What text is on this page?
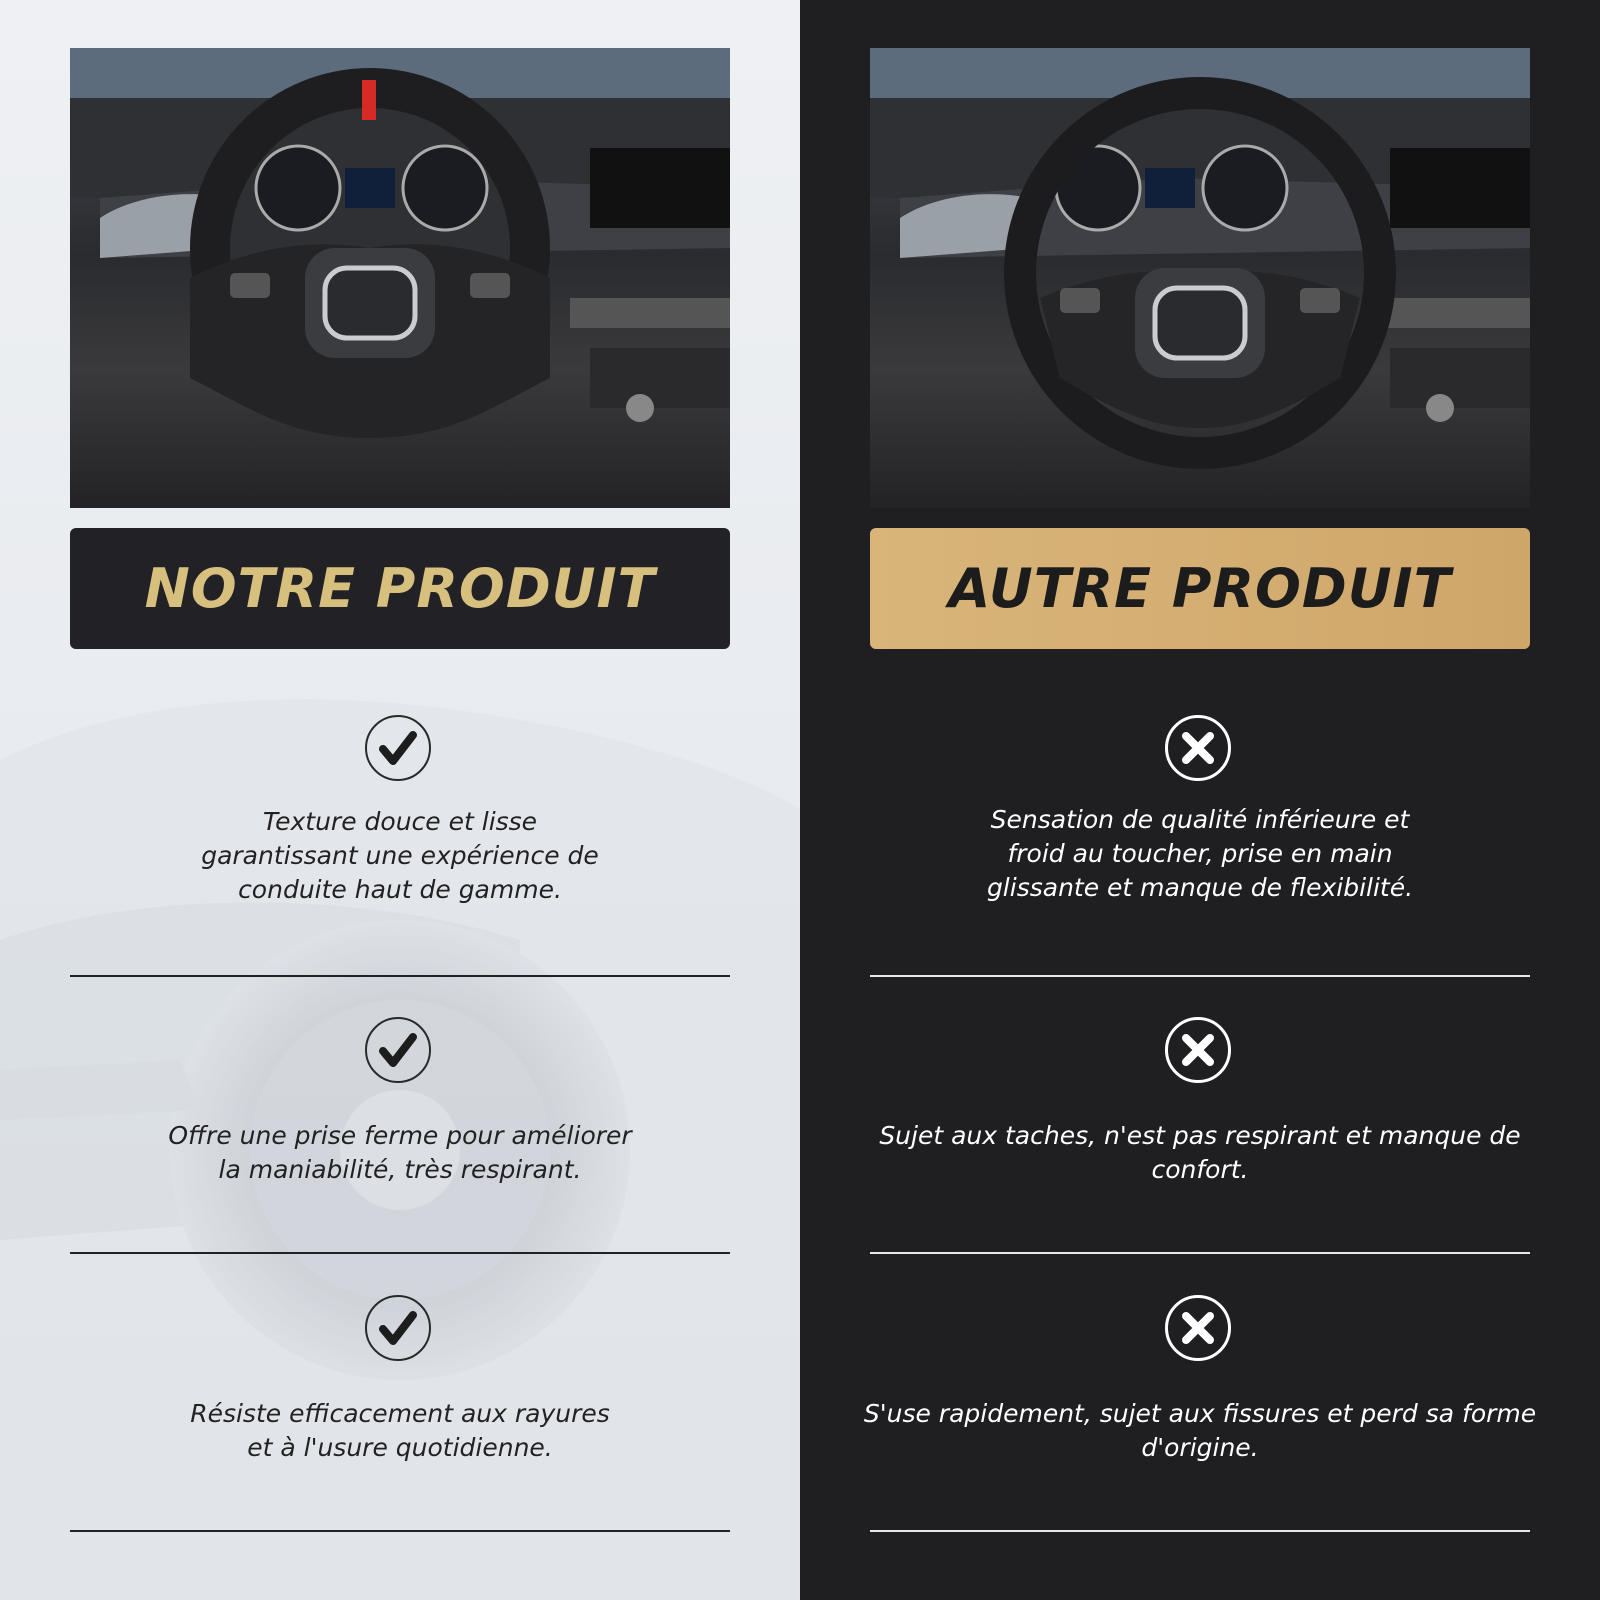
NOTRE PRODUIT
Texture douce et lisse
garantissant une expérience de
conduite haut de gamme.
Offre une prise ferme pour améliorer
la maniabilité, très respirant.
Résiste efficacement aux rayures
et à l'usure quotidienne.
AUTRE PRODUIT
Sensation de qualité inférieure et
froid au toucher, prise en main
glissante et manque de flexibilité.
Sujet aux taches, n'est pas respirant et manque de
confort.
S'use rapidement, sujet aux fissures et perd sa forme
d'origine.
